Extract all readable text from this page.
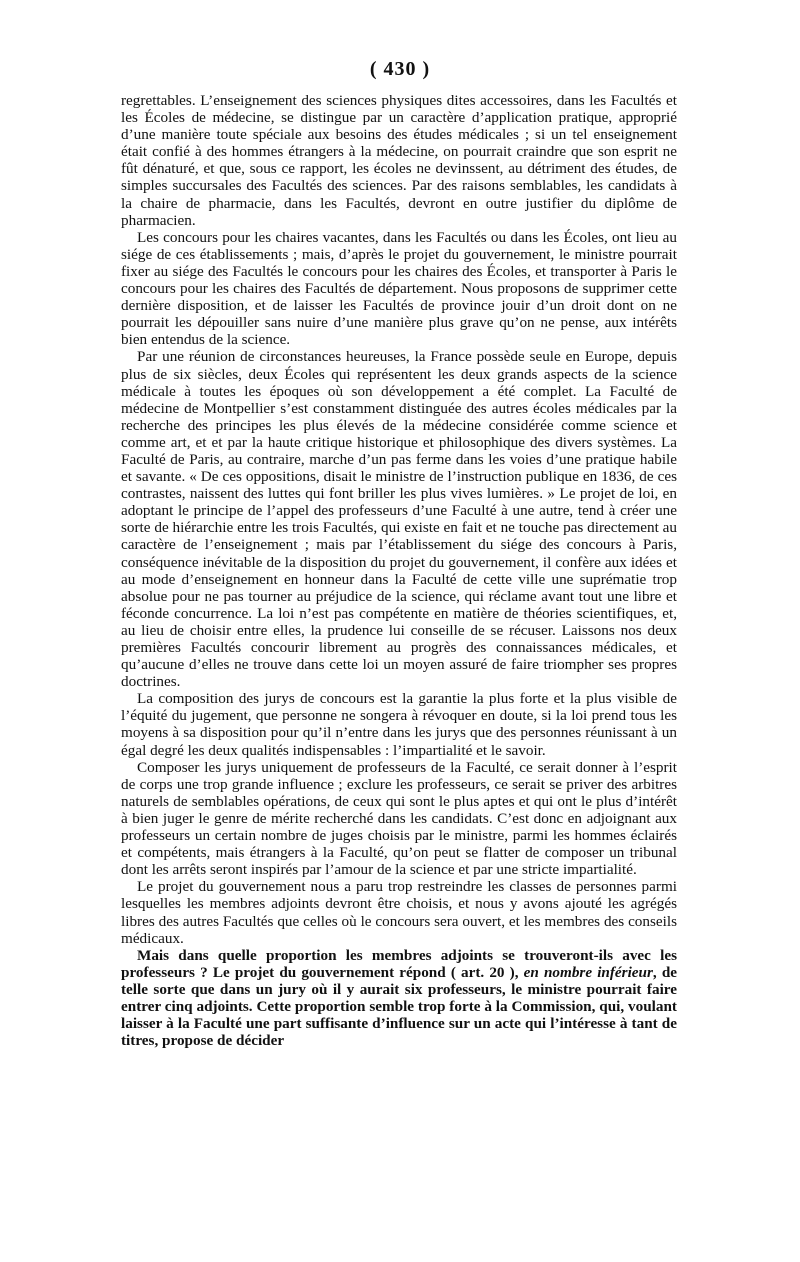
( 430 )

regrettables. L’enseignement des sciences physiques dites accessoires, dans les Facultés et les Écoles de médecine, se distingue par un caractère d’application pratique, approprié d’une manière toute spéciale aux besoins des études médicales ; si un tel enseignement était confié à des hommes étrangers à la médecine, on pourrait craindre que son esprit ne fût dénaturé, et que, sous ce rapport, les écoles ne devinssent, au détriment des études, de simples succursales des Facultés des sciences. Par des raisons semblables, les candidats à la chaire de pharmacie, dans les Facultés, devront en outre justifier du diplôme de pharmacien.

Les concours pour les chaires vacantes, dans les Facultés ou dans les Écoles, ont lieu au siége de ces établissements ; mais, d’après le projet du gouvernement, le ministre pourrait fixer au siége des Facultés le concours pour les chaires des Écoles, et transporter à Paris le concours pour les chaires des Facultés de département. Nous proposons de supprimer cette dernière disposition, et de laisser les Facultés de province jouir d’un droit dont on ne pourrait les dépouiller sans nuire d’une manière plus grave qu’on ne pense, aux intérêts bien entendus de la science.

Par une réunion de circonstances heureuses, la France possède seule en Europe, depuis plus de six siècles, deux Écoles qui représentent les deux grands aspects de la science médicale à toutes les époques où son développement a été complet. La Faculté de médecine de Montpellier s’est constamment distinguée des autres écoles médicales par la recherche des principes les plus élevés de la médecine considérée comme science et comme art, et et par la haute critique historique et philosophique des divers systèmes. La Faculté de Paris, au contraire, marche d’un pas ferme dans les voies d’une pratique habile et savante. « De ces oppositions, disait le ministre de l’instruction publique en 1836, de ces contrastes, naissent des luttes qui font briller les plus vives lumières. » Le projet de loi, en adoptant le principe de l’appel des professeurs d’une Faculté à une autre, tend à créer une sorte de hiérarchie entre les trois Facultés, qui existe en fait et ne touche pas directement au caractère de l’enseignement ; mais par l’établissement du siége des concours à Paris, conséquence inévitable de la disposition du projet du gouvernement, il confère aux idées et au mode d’enseignement en honneur dans la Faculté de cette ville une suprématie trop absolue pour ne pas tourner au préjudice de la science, qui réclame avant tout une libre et féconde concurrence. La loi n’est pas compétente en matière de théories scientifiques, et, au lieu de choisir entre elles, la prudence lui conseille de se récuser. Laissons nos deux premières Facultés concourir librement au progrès des connaissances médicales, et qu’aucune d’elles ne trouve dans cette loi un moyen assuré de faire triompher ses propres doctrines.

La composition des jurys de concours est la garantie la plus forte et la plus visible de l’équité du jugement, que personne ne songera à révoquer en doute, si la loi prend tous les moyens à sa disposition pour qu’il n’entre dans les jurys que des personnes réunissant à un égal degré les deux qualités indispensables : l’impartialité et le savoir.

Composer les jurys uniquement de professeurs de la Faculté, ce serait donner à l’esprit de corps une trop grande influence ; exclure les professeurs, ce serait se priver des arbitres naturels de semblables opérations, de ceux qui sont le plus aptes et qui ont le plus d’intérêt à bien juger le genre de mérite recherché dans les candidats. C’est donc en adjoignant aux professeurs un certain nombre de juges choisis par le ministre, parmi les hommes éclairés et compétents, mais étrangers à la Faculté, qu’on peut se flatter de composer un tribunal dont les arrêts seront inspirés par l’amour de la science et par une stricte impartialité.

Le projet du gouvernement nous a paru trop restreindre les classes de personnes parmi lesquelles les membres adjoints devront être choisis, et nous y avons ajouté les agrégés libres des autres Facultés que celles où le concours sera ouvert, et les membres des conseils médicaux.

Mais dans quelle proportion les membres adjoints se trouveront-ils avec les professeurs ? Le projet du gouvernement répond ( art. 20 ), en nombre inférieur, de telle sorte que dans un jury où il y aurait six professeurs, le ministre pourrait faire entrer cinq adjoints. Cette proportion semble trop forte à la Commission, qui, voulant laisser à la Faculté une part suffisante d’influence sur un acte qui l’intéresse à tant de titres, propose de décider
